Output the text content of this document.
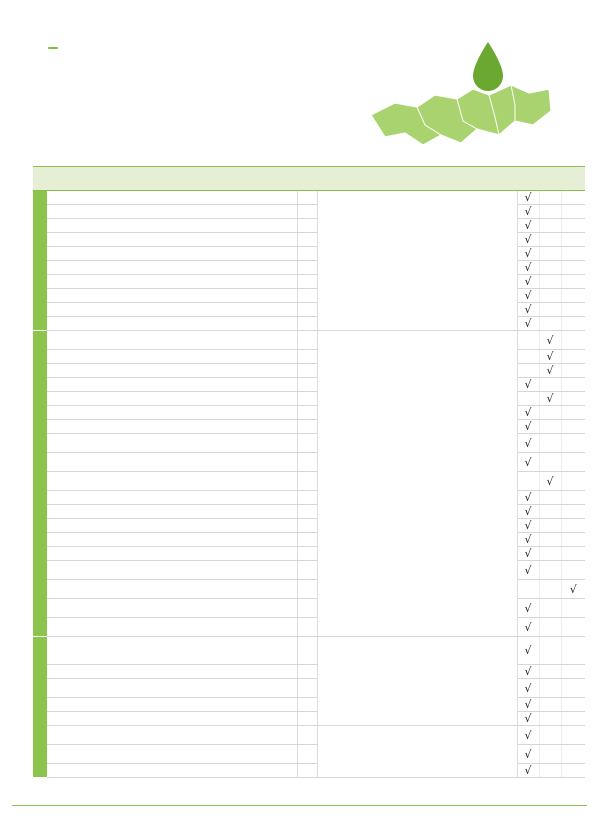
					√		
					√		
					√		
					√		
					√		
					√		
					√		
					√		
					√		
					√		
						√	
						√	
						√	
					√		
						√	
					√		
					√		
					√		
					√		
						√	
					√		
					√		
					√		
					√		
					√		
					√		
							√
					√		
					√		
					√		
					√		
					√		
					√		
					√		
					√		
					√		
					√		
